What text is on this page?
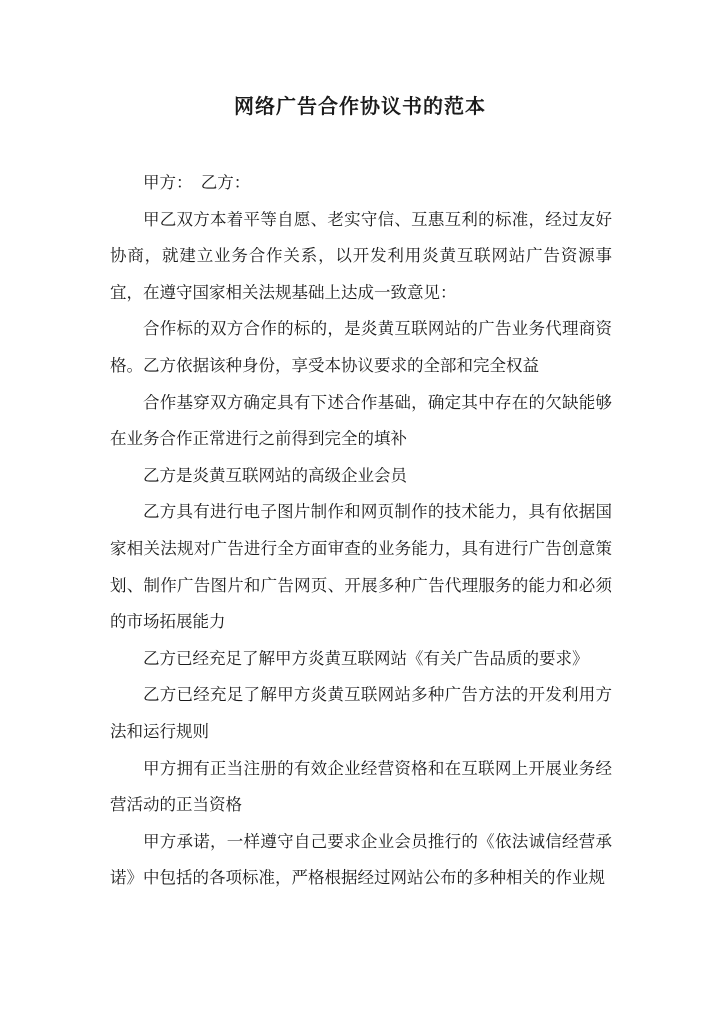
网络广告合作协议书的范本

甲方：　乙方：

甲乙双方本着平等自愿、老实守信、互惠互利的标准，经过友好协商，就建立业务合作关系，以开发利用炎黄互联网站广告资源事宜，在遵守国家相关法规基础上达成一致意见：

合作标的双方合作的标的，是炎黄互联网站的广告业务代理商资格。乙方依据该种身份，享受本协议要求的全部和完全权益

合作基穿双方确定具有下述合作基础，确定其中存在的欠缺能够在业务合作正常进行之前得到完全的填补

乙方是炎黄互联网站的高级企业会员

乙方具有进行电子图片制作和网页制作的技术能力，具有依据国家相关法规对广告进行全方面审查的业务能力，具有进行广告创意策划、制作广告图片和广告网页、开展多种广告代理服务的能力和必须的市场拓展能力

乙方已经充足了解甲方炎黄互联网站《有关广告品质的要求》

乙方已经充足了解甲方炎黄互联网站多种广告方法的开发利用方法和运行规则

甲方拥有正当注册的有效企业经营资格和在互联网上开展业务经营活动的正当资格

甲方承诺，一样遵守自己要求企业会员推行的《依法诚信经营承诺》中包括的各项标准，严格根据经过网站公布的多种相关的作业规
